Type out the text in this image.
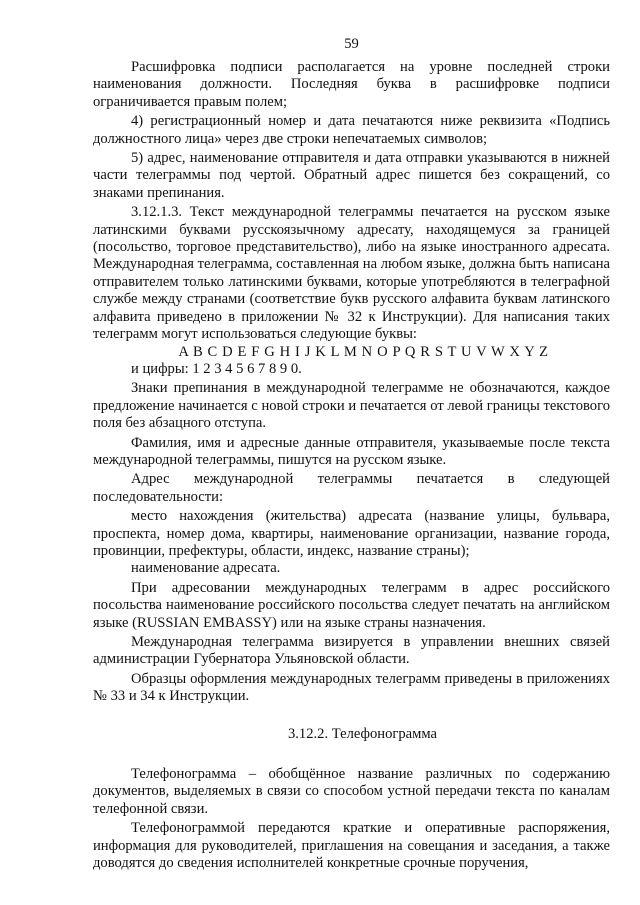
59

Расшифровка подписи располагается на уровне последней строки наименования должности. Последняя буква в расшифровке подписи ограничивается правым полем;

4) регистрационный номер и дата печатаются ниже реквизита «Подпись должностного лица» через две строки непечатаемых символов;

5) адрес, наименование отправителя и дата отправки указываются в нижней части телеграммы под чертой. Обратный адрес пишется без сокращений, со знаками препинания.

3.12.1.3. Текст международной телеграммы печатается на русском языке латинскими буквами русскоязычному адресату, находящемуся за границей (посольство, торговое представительство), либо на языке иностранного адресата. Международная телеграмма, составленная на любом языке, должна быть написана отправителем только латинскими буквами, которые употребляются в телеграфной службе между странами (соответствие букв русского алфавита буквам латинского алфавита приведено в приложении № 32 к Инструкции). Для написания таких телеграмм могут использоваться следующие буквы:

A B C D E F G H I J K L M N O P Q R S T U V W X Y Z

и цифры: 1 2 3 4 5 6 7 8 9 0.

Знаки препинания в международной телеграмме не обозначаются, каждое предложение начинается с новой строки и печатается от левой границы текстового поля без абзацного отступа.

Фамилия, имя и адресные данные отправителя, указываемые после текста международной телеграммы, пишутся на русском языке.

Адрес международной телеграммы печатается в следующей последовательности:

место нахождения (жительства) адресата (название улицы, бульвара, проспекта, номер дома, квартиры, наименование организации, название города, провинции, префектуры, области, индекс, название страны);

наименование адресата.

При адресовании международных телеграмм в адрес российского посольства наименование российского посольства следует печатать на английском языке (RUSSIAN EMBASSY) или на языке страны назначения.

Международная телеграмма визируется в управлении внешних связей администрации Губернатора Ульяновской области.

Образцы оформления международных телеграмм приведены в приложениях № 33 и 34 к Инструкции.

3.12.2. Телефонограмма

Телефонограмма – обобщённое название различных по содержанию документов, выделяемых в связи со способом устной передачи текста по каналам телефонной связи.

Телефонограммой передаются краткие и оперативные распоряжения, информация для руководителей, приглашения на совещания и заседания, а также доводятся до сведения исполнителей конкретные срочные поручения,
